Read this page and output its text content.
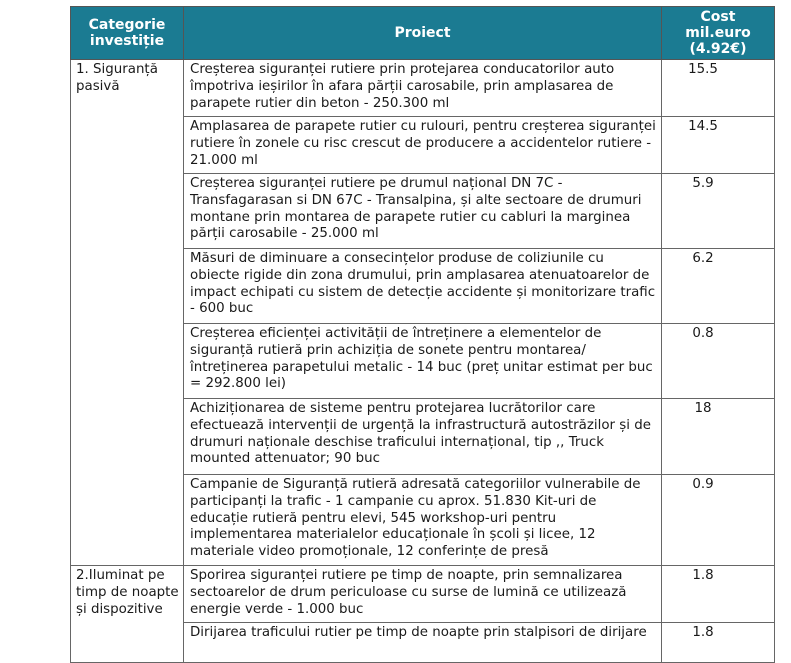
Categorie investiție	Proiect	Cost mil.euro (4.92€)
1. Siguranță pasivă	Creșterea siguranței rutiere prin protejarea conducatorilor auto împotriva ieșirilor în afara părții carosabile, prin amplasarea de parapete rutier din beton - 250.300 ml	15.5
	Amplasarea de parapete rutier cu rulouri, pentru creșterea siguranței rutiere în zonele cu risc crescut de producere a accidentelor rutiere - 21.000 ml	14.5
	Creșterea siguranței rutiere pe drumul național DN 7C - Transfagarasan si DN 67C - Transalpina, și alte sectoare de drumuri montane prin montarea de parapete rutier cu cabluri la marginea părții carosabile - 25.000 ml	5.9
	Măsuri de diminuare a consecințelor produse de coliziunile cu obiecte rigide din zona drumului, prin amplasarea atenuatoarelor de impact echipati cu sistem de detecție accidente și monitorizare trafic - 600 buc	6.2
	Creșterea eficienței activității de întreținere a elementelor de siguranță rutieră prin achiziția de sonete pentru montarea/întreținerea parapetului metalic - 14 buc (preț unitar estimat per buc = 292.800 lei)	0.8
	Achiziționarea de sisteme pentru protejarea lucrătorilor care efectuează intervenții de urgență la infrastructură autostrăzilor și de drumuri naționale deschise traficului internațional, tip ,, Truck mounted attenuator; 90 buc	18
	Campanie de Siguranță rutieră adresată categoriilor vulnerabile de participanți la trafic - 1 campanie cu aprox. 51.830 Kit-uri de educație rutieră pentru elevi, 545 workshop-uri pentru implementarea materialelor educaționale în școli și licee, 12 materiale video promoționale, 12 conferințe de presă	0.9
2.Iluminat pe timp de noapte și dispozitive	Sporirea siguranței rutiere pe timp de noapte, prin semnalizarea sectoarelor de drum periculoase cu surse de lumină ce utilizează energie verde - 1.000 buc	1.8
	Dirijarea traficului rutier pe timp de noapte prin stalpisori de dirijare	1.8
